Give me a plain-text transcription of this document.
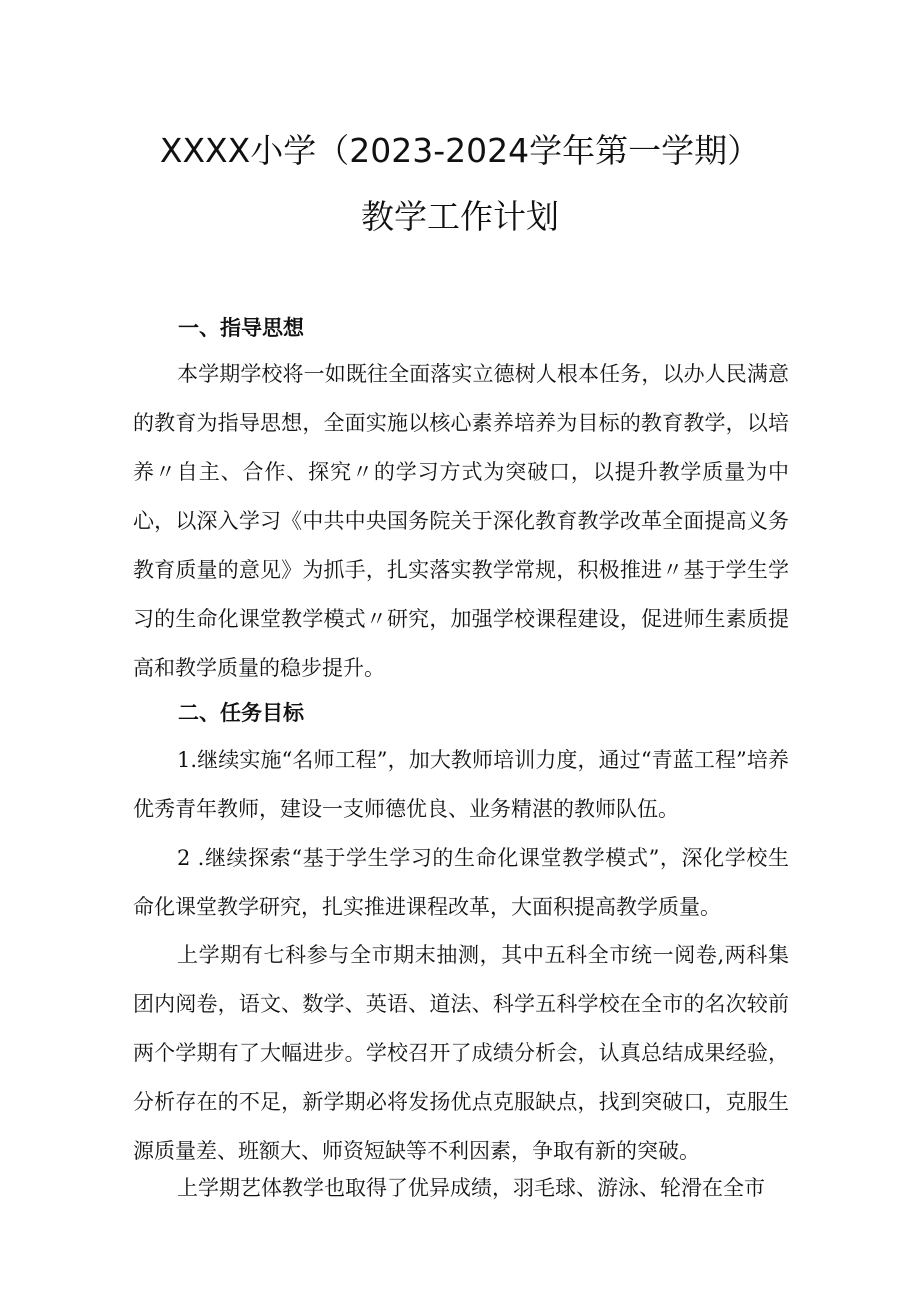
XXXX小学（2023-2024学年第一学期）
教学工作计划
一、指导思想

本学期学校将一如既往全面落实立德树人根本任务，以办人民满意的教育为指导思想，全面实施以核心素养培养为目标的教育教学，以培养〃自主、合作、探究〃的学习方式为突破口，以提升教学质量为中心，以深入学习《中共中央国务院关于深化教育教学改革全面提高义务教育质量的意见》为抓手，扎实落实教学常规，积极推进〃基于学生学习的生命化课堂教学模式〃研究，加强学校课程建设，促进师生素质提高和教学质量的稳步提升。

二、任务目标

1.继续实施“名师工程”，加大教师培训力度，通过“青蓝工程”培养优秀青年教师，建设一支师德优良、业务精湛的教师队伍。

2 .继续探索“基于学生学习的生命化课堂教学模式”，深化学校生命化课堂教学研究，扎实推进课程改革，大面积提高教学质量。

上学期有七科参与全市期末抽测，其中五科全市统一阅卷,两科集团内阅卷，语文、数学、英语、道法、科学五科学校在全市的名次较前两个学期有了大幅进步。学校召开了成绩分析会，认真总结成果经验，分析存在的不足，新学期必将发扬优点克服缺点，找到突破口，克服生源质量差、班额大、师资短缺等不利因素，争取有新的突破。

上学期艺体教学也取得了优异成绩，羽毛球、游泳、轮滑在全市
